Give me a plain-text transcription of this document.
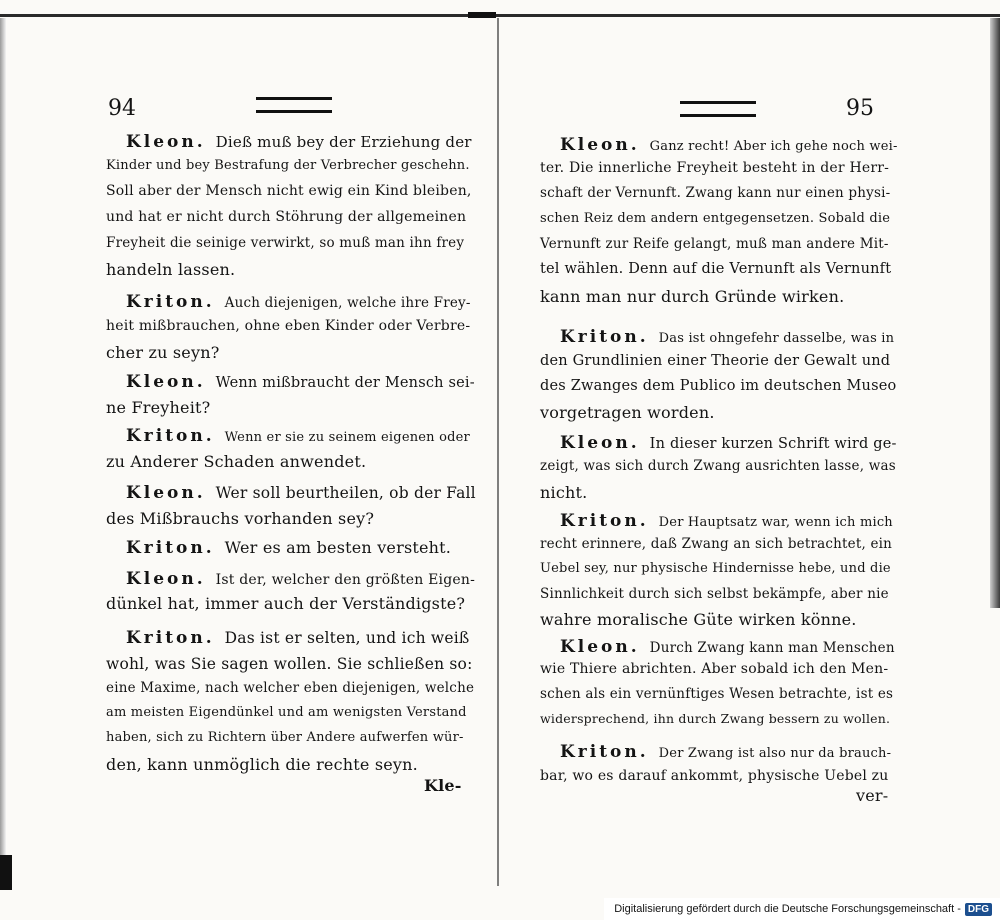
94	95
Kleon. Dieß muß bey der Erziehung der
Kinder und bey Bestrafung der Verbrecher geschehn.
Soll aber der Mensch nicht ewig ein Kind bleiben,
und hat er nicht durch Stöhrung der allgemeinen
Freyheit die seinige verwirkt, so muß man ihn frey
handeln lassen.
Kriton. Auch diejenigen, welche ihre Frey-
heit mißbrauchen, ohne eben Kinder oder Verbre-
cher zu seyn?
Kleon. Wenn mißbraucht der Mensch sei-
ne Freyheit?
Kriton. Wenn er sie zu seinem eigenen oder
zu Anderer Schaden anwendet.
Kleon. Wer soll beurtheilen, ob der Fall
des Mißbrauchs vorhanden sey?
Kriton. Wer es am besten versteht.
Kleon. Ist der, welcher den größten Eigen-
dünkel hat, immer auch der Verständigste?
Kriton. Das ist er selten, und ich weiß
wohl, was Sie sagen wollen. Sie schließen so:
eine Maxime, nach welcher eben diejenigen, welche
am meisten Eigendünkel und am wenigsten Verstand
haben, sich zu Richtern über Andere aufwerfen wür-
den, kann unmöglich die rechte seyn.
Kleon. Ganz recht! Aber ich gehe noch wei-
ter. Die innerliche Freyheit besteht in der Herr-
schaft der Vernunft. Zwang kann nur einen physi-
schen Reiz dem andern entgegensetzen. Sobald die
Vernunft zur Reife gelangt, muß man andere Mit-
tel wählen. Denn auf die Vernunft als Vernunft
kann man nur durch Gründe wirken.
Kriton. Das ist ohngefehr dasselbe, was in
den Grundlinien einer Theorie der Gewalt und
des Zwanges dem Publico im deutschen Museo
vorgetragen worden.
Kleon. In dieser kurzen Schrift wird ge-
zeigt, was sich durch Zwang ausrichten lasse, was
nicht.
Kriton. Der Hauptsatz war, wenn ich mich
recht erinnere, daß Zwang an sich betrachtet, ein
Uebel sey, nur physische Hindernisse hebe, und die
Sinnlichkeit durch sich selbst bekämpfe, aber nie
wahre moralische Güte wirken könne.
Kleon. Durch Zwang kann man Menschen
wie Thiere abrichten. Aber sobald ich den Men-
schen als ein vernünftiges Wesen betrachte, ist es
widersprechend, ihn durch Zwang bessern zu wollen.
Kriton. Der Zwang ist also nur da brauch-
bar, wo es darauf ankommt, physische Uebel zu
Kle-
ver-
Digitalisierung gefördert durch die Deutsche Forschungsgemeinschaft - DFG
